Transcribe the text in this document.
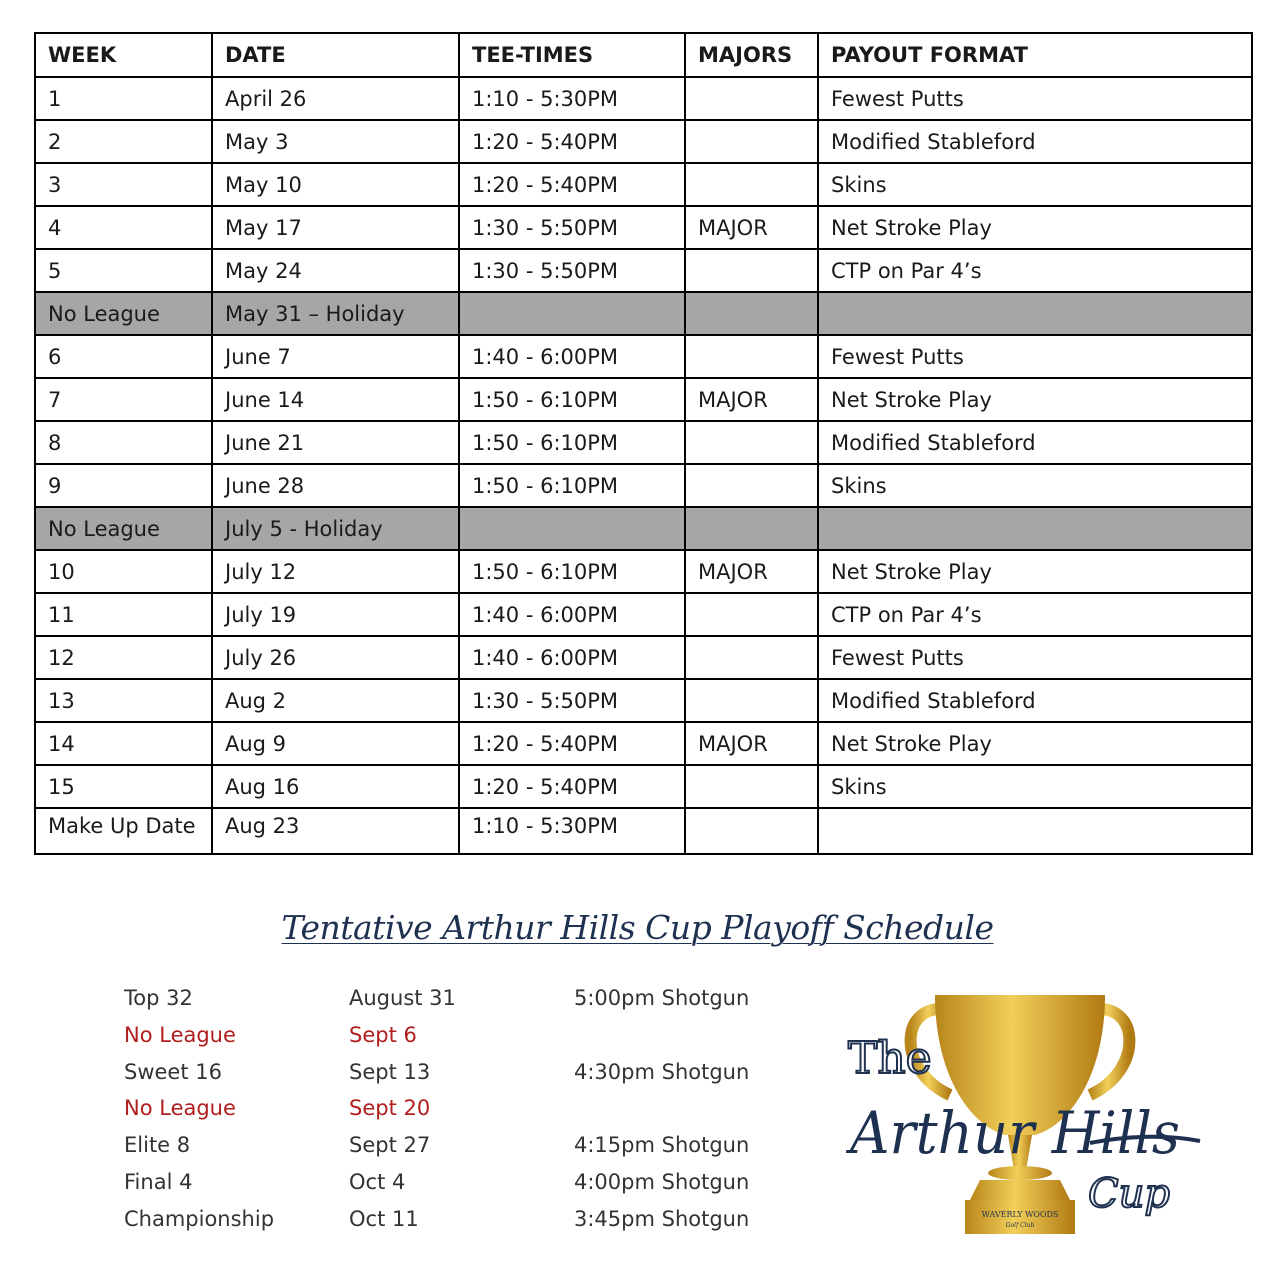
WEEK	DATE	TEE-TIMES	MAJORS	PAYOUT FORMAT
1	April 26	1:10 - 5:30PM		Fewest Putts
2	May 3	1:20 - 5:40PM		Modified Stableford
3	May 10	1:20 - 5:40PM		Skins
4	May 17	1:30 - 5:50PM	MAJOR	Net Stroke Play
5	May 24	1:30 - 5:50PM		CTP on Par 4’s
No League	May 31 – Holiday			
6	June 7	1:40 - 6:00PM		Fewest Putts
7	June 14	1:50 - 6:10PM	MAJOR	Net Stroke Play
8	June 21	1:50 - 6:10PM		Modified Stableford
9	June 28	1:50 - 6:10PM		Skins
No League	July 5 - Holiday			
10	July 12	1:50 - 6:10PM	MAJOR	Net Stroke Play
11	July 19	1:40 - 6:00PM		CTP on Par 4’s
12	July 26	1:40 - 6:00PM		Fewest Putts
13	Aug 2	1:30 - 5:50PM		Modified Stableford
14	Aug 9	1:20 - 5:40PM	MAJOR	Net Stroke Play
15	Aug 16	1:20 - 5:40PM		Skins
Make Up Date	Aug 23	1:10 - 5:30PM		
Tentative Arthur Hills Cup Playoff Schedule
Top 32	August 31	5:00pm Shotgun
No League	Sept 6
Sweet 16	Sept 13	4:30pm Shotgun
No League	Sept 20
Elite 8	Sept 27	4:15pm Shotgun
Final 4	Oct 4	4:00pm Shotgun
Championship	Oct 11	3:45pm Shotgun	WAVERLY WOODS
Golf Club
The
Arthur Hills
Cup
